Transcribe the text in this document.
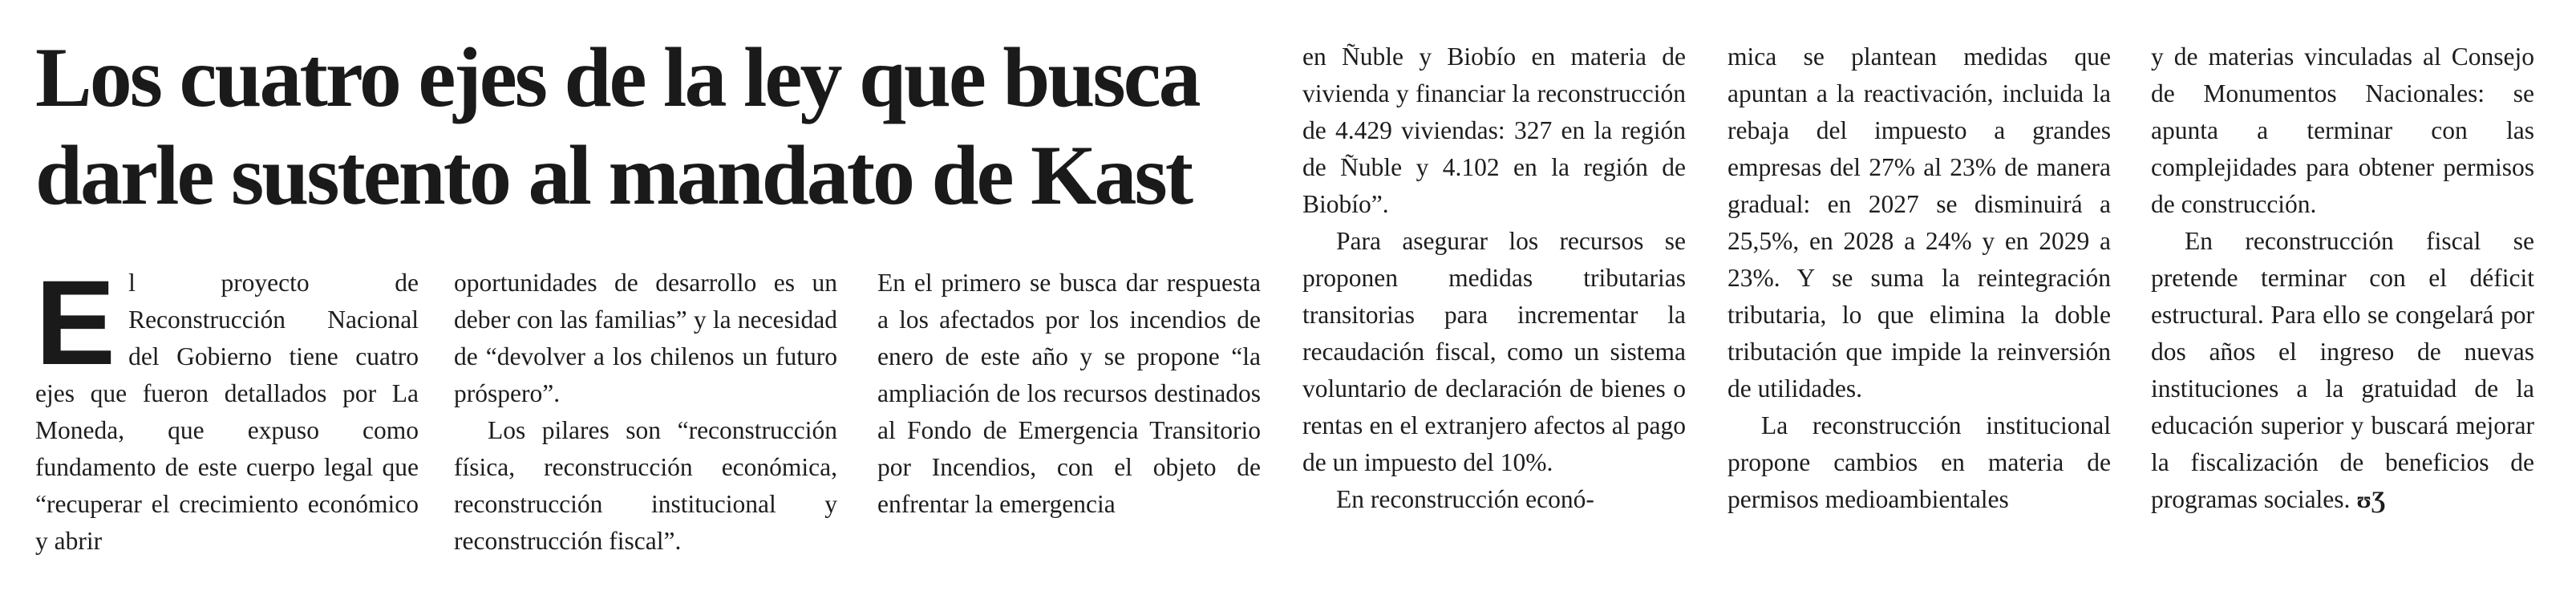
Los cuatro ejes de la ley que busca
darle sustento al mandato de Kast

El proyecto de Reconstrucción Nacional del Gobierno tiene cuatro ejes que fueron detallados por La Moneda, que expuso como fundamento de este cuerpo legal que “recuperar el crecimiento económico y abrir

oportunidades de desarrollo es un deber con las familias” y la necesidad de “devolver a los chilenos un futuro próspero”.

Los pilares son “reconstrucción física, reconstrucción económica, reconstrucción institucional y reconstrucción fiscal”.

En el primero se busca dar respuesta a los afectados por los incendios de enero de este año y se propone “la ampliación de los recursos destinados al Fondo de Emergencia Transitorio por Incendios, con el objeto de enfrentar la emergencia

en Ñuble y Biobío en materia de vivienda y financiar la reconstrucción de 4.429 viviendas: 327 en la región de Ñuble y 4.102 en la región de Biobío”.

Para asegurar los recursos se proponen medidas tributarias transitorias para incrementar la recaudación fiscal, como un sistema voluntario de declaración de bienes o rentas en el extranjero afectos al pago de un impuesto del 10%.

En reconstrucción econó-

mica se plantean medidas que apuntan a la reactivación, incluida la rebaja del impuesto a grandes empresas del 27% al 23% de manera gradual: en 2027 se disminuirá a 25,5%, en 2028 a 24% y en 2029 a 23%. Y se suma la reintegración tributaria, lo que elimina la doble tributación que impide la reinversión de utilidades.

La reconstrucción institucional propone cambios en materia de permisos medioambientales

y de materias vinculadas al Consejo de Monumentos Nacionales: se apunta a terminar con las complejidades para obtener permisos de construcción.

En reconstrucción fiscal se pretende terminar con el déficit estructural. Para ello se congelará por dos años el ingreso de nuevas instituciones a la gratuidad de la educación superior y buscará mejorar la fiscalización de beneficios de programas sociales. ʊƷ
